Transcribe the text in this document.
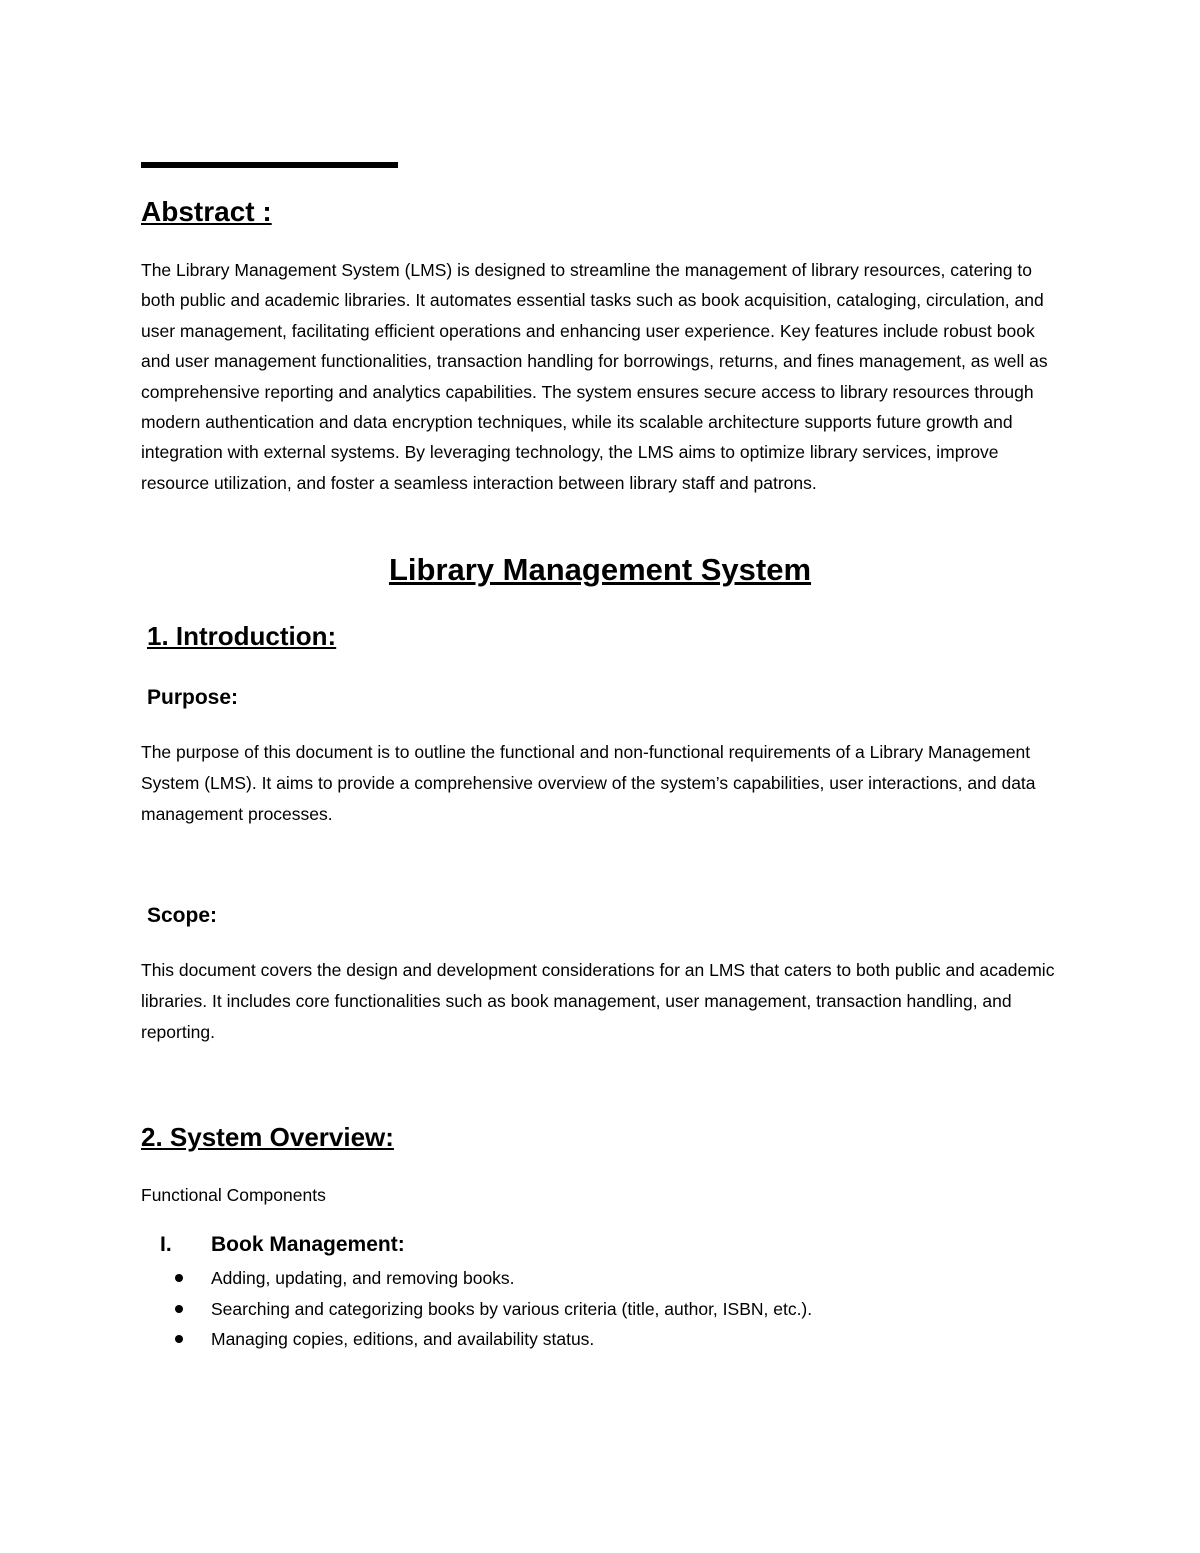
Abstract :

The Library Management System (LMS) is designed to streamline the management of library resources, catering to both public and academic libraries. It automates essential tasks such as book acquisition, cataloging, circulation, and user management, facilitating efficient operations and enhancing user experience. Key features include robust book and user management functionalities, transaction handling for borrowings, returns, and fines management, as well as comprehensive reporting and analytics capabilities. The system ensures secure access to library resources through modern authentication and data encryption techniques, while its scalable architecture supports future growth and integration with external systems. By leveraging technology, the LMS aims to optimize library services, improve resource utilization, and foster a seamless interaction between library staff and patrons.

Library Management System
1. Introduction:
Purpose:

The purpose of this document is to outline the functional and non-functional requirements of a Library Management System (LMS). It aims to provide a comprehensive overview of the system’s capabilities, user interactions, and data management processes.

Scope:

This document covers the design and development considerations for an LMS that caters to both public and academic libraries. It includes core functionalities such as book management, user management, transaction handling, and reporting.

2. System Overview:

Functional Components

I. Book Management:
Adding, updating, and removing books.
Searching and categorizing books by various criteria (title, author, ISBN, etc.).
Managing copies, editions, and availability status.
